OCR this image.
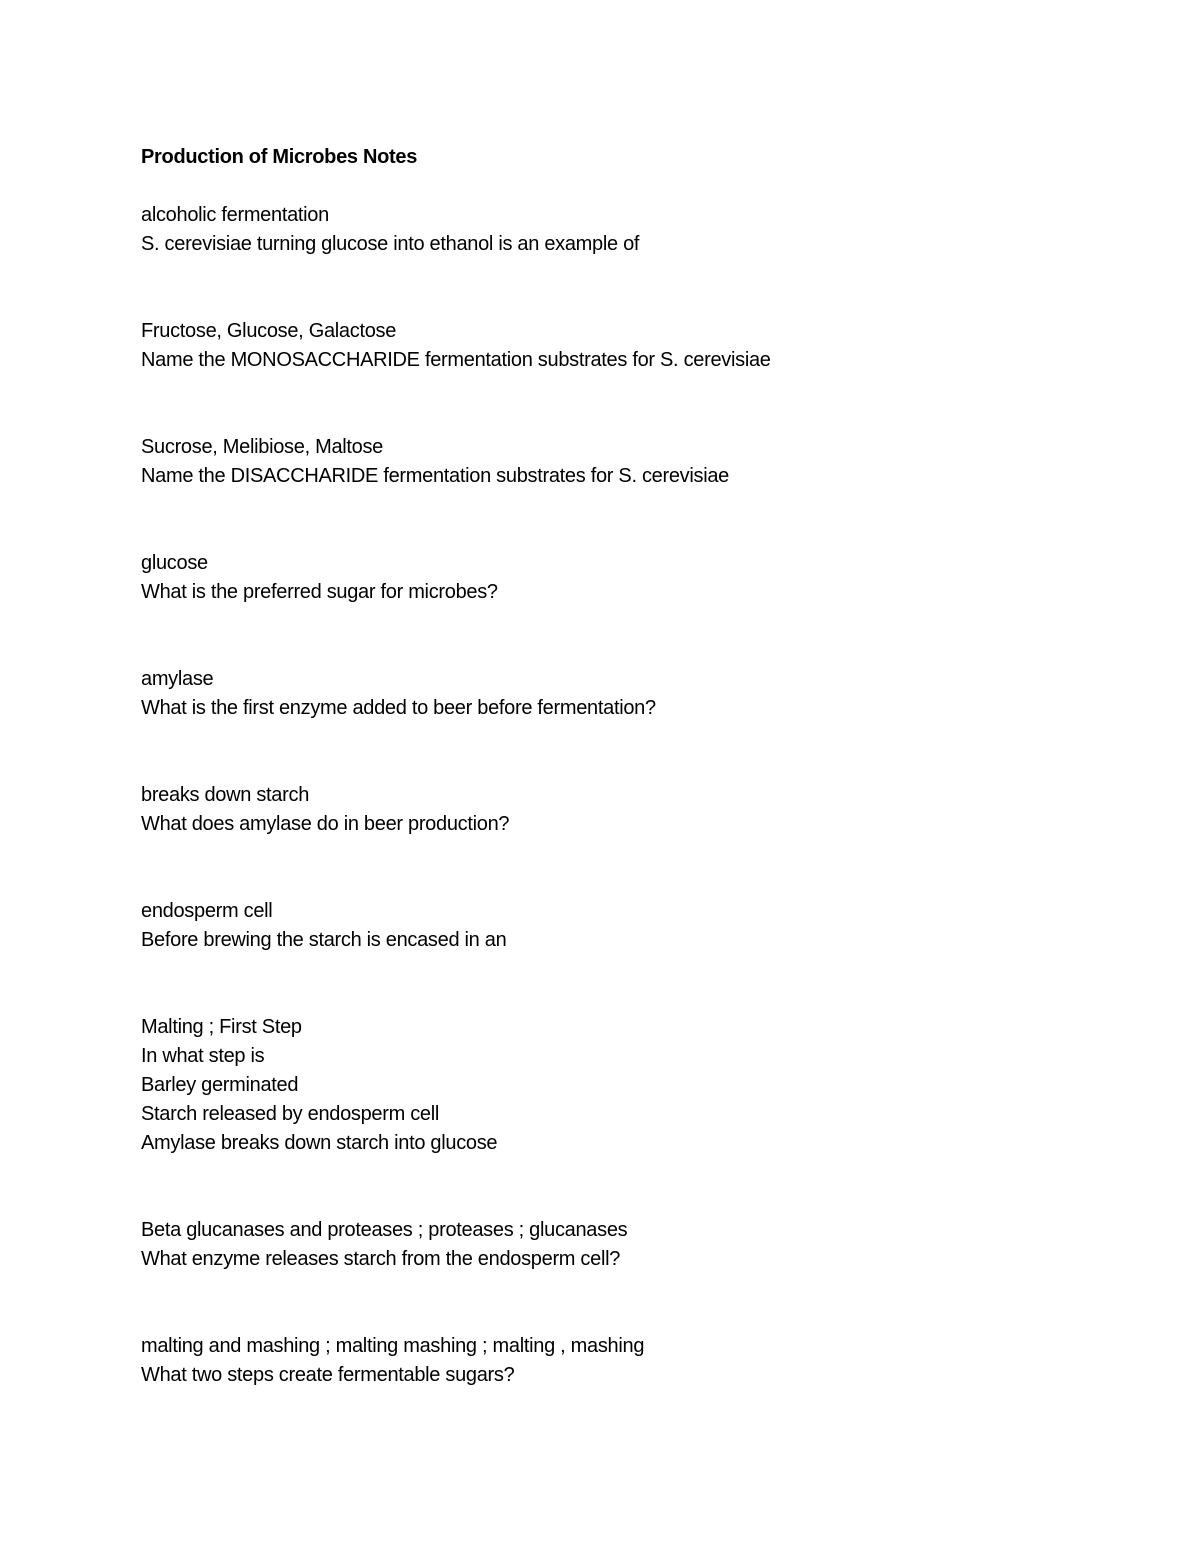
Production of Microbes Notes
alcoholic fermentation
S. cerevisiae turning glucose into ethanol is an example of
Fructose, Glucose, Galactose
Name the MONOSACCHARIDE fermentation substrates for S. cerevisiae
Sucrose, Melibiose, Maltose
Name the DISACCHARIDE fermentation substrates for S. cerevisiae
glucose
What is the preferred sugar for microbes?
amylase
What is the first enzyme added to beer before fermentation?
breaks down starch
What does amylase do in beer production?
endosperm cell
Before brewing the starch is encased in an
Malting ; First Step
In what step is
Barley germinated
Starch released by endosperm cell
Amylase breaks down starch into glucose
Beta glucanases and proteases ; proteases ; glucanases
What enzyme releases starch from the endosperm cell?
malting and mashing ; malting mashing ; malting , mashing
What two steps create fermentable sugars?
